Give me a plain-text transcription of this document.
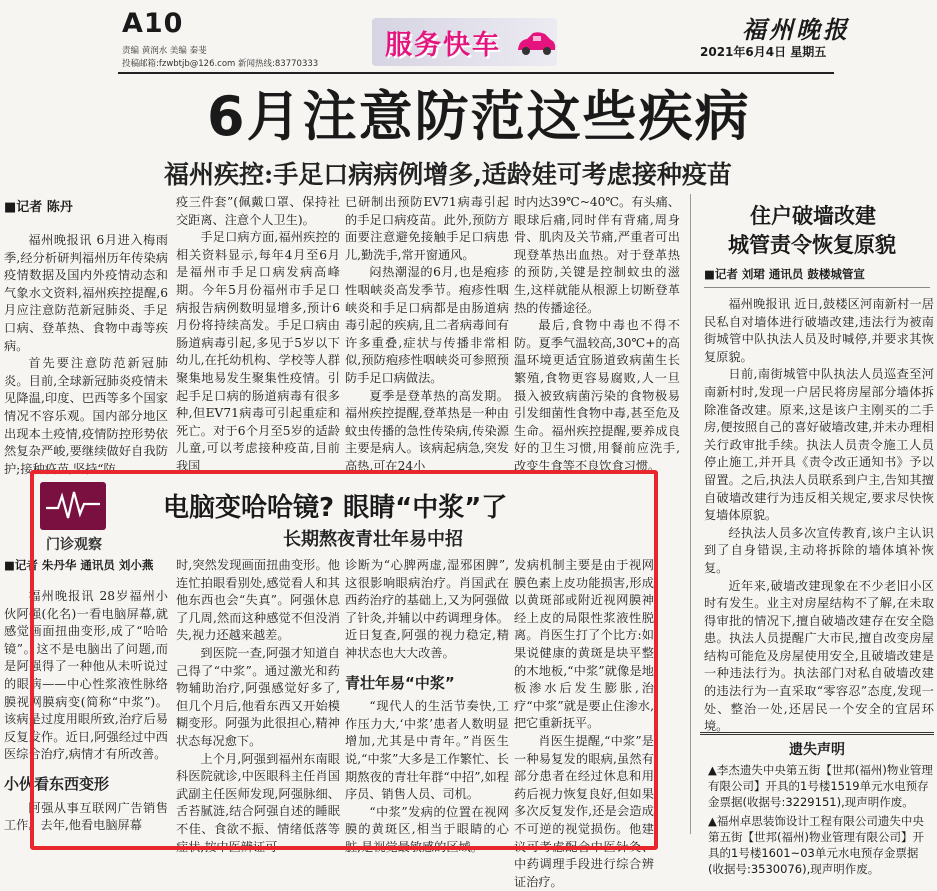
A10
责编 黄润水 美编 秦斐
投稿邮箱:fzwbtjb@126.com 新闻热线:83770333
服务快车
福州晚报
2021年6月4日 星期五
6月注意防范这些疾病
福州疾控:手足口病病例增多,适龄娃可考虑接种疫苗
■记者 陈丹

福州晚报讯 6月进入梅雨季,经分析研判福州历年传染病疫情数据及国内外疫情动态和气象水文资料,福州疾控提醒,6月应注意防范新冠肺炎、手足口病、登革热、食物中毒等疾病。

首先要注意防范新冠肺炎。目前,全球新冠肺炎疫情未见降温,印度、巴西等多个国家情况不容乐观。国内部分地区出现本土疫情,疫情防控形势依然复杂严峻,要继续做好自我防护;接种疫苗,坚持“防

疫三件套”(佩戴口罩、保持社交距离、注意个人卫生)。

手足口病方面,福州疾控的相关资料显示,每年4月至6月是福州市手足口病发病高峰期。今年5月份福州市手足口病报告病例数明显增多,预计6月份将持续高发。手足口病由肠道病毒引起,多见于5岁以下幼儿,在托幼机构、学校等人群聚集地易发生聚集性疫情。引起手足口病的肠道病毒有很多种,但EV71病毒可引起重症和死亡。对于6个月至5岁的适龄儿童,可以考虑接种疫苗,目前我国

已研制出预防EV71病毒引起的手足口病疫苗。此外,预防方面要注意避免接触手足口病患儿,勤洗手,常开窗通风。

闷热潮湿的6月,也是疱疹性咽峡炎高发季节。疱疹性咽峡炎和手足口病都是由肠道病毒引起的疾病,且二者病毒间有许多重叠,症状与传播非常相似,预防疱疹性咽峡炎可参照预防手足口病做法。

夏季是登革热的高发期。福州疾控提醒,登革热是一种由蚊虫传播的急性传染病,传染源主要是病人。该病起病急,突发高热,可在24小

时内达39℃~40℃。有头痛、眼球后痛,同时伴有背痛,周身骨、肌肉及关节痛,严重者可出现登革热出血热。对于登革热的预防,关键是控制蚊虫的滋生,这样就能从根源上切断登革热的传播途径。

最后,食物中毒也不得不防。夏季气温较高,30℃+的高温环境更适宜肠道致病菌生长繁殖,食物更容易腐败,人一旦摄入被致病菌污染的食物极易引发细菌性食物中毒,甚至危及生命。福州疾控提醒,要养成良好的卫生习惯,用餐前应洗手,改变生食等不良饮食习惯。

住户破墙改建
城管责令恢复原貌
■记者 刘珺 通讯员 鼓楼城管宣

福州晚报讯 近日,鼓楼区河南新村一居民私自对墙体进行破墙改建,违法行为被南街城管中队执法人员及时喊停,并要求其恢复原貌。

日前,南街城管中队执法人员巡查至河南新村时,发现一户居民将房屋部分墙体拆除准备改建。原来,这是该户主刚买的二手房,便按照自己的喜好破墙改建,并未办理相关行政审批手续。执法人员责令施工人员停止施工,并开具《责令改正通知书》予以留置。之后,执法人员联系到户主,告知其擅自破墙改建行为违反相关规定,要求尽快恢复墙体原貌。

经执法人员多次宣传教育,该户主认识到了自身错误,主动将拆除的墙体填补恢复。

近年来,破墙改建现象在不少老旧小区时有发生。业主对房屋结构不了解,在未取得审批的情况下,擅自破墙改建存在安全隐患。执法人员提醒广大市民,擅自改变房屋结构可能危及房屋使用安全,且破墙改建是一种违法行为。执法部门对私自破墙改建的违法行为一直采取“零容忍”态度,发现一处、整治一处,还居民一个安全的宜居环境。

遗失声明
▲李杰遗失中央第五街【世邦(福州)物业管理有限公司】开具的1号楼1519单元水电预存金票据(收据号:3229151),现声明作废。
▲福州卓思装饰设计工程有限公司遗失中央第五街【世邦(福州)物业管理有限公司】开具的1号楼1601~03单元水电预存金票据(收据号:3530076),现声明作废。
门诊观察
电脑变哈哈镜? 眼睛“中浆”了
长期熬夜青壮年易中招
■记者 朱丹华 通讯员 刘小燕

福州晚报讯 28岁福州小伙阿强(化名)一看电脑屏幕,就感觉画面扭曲变形,成了“哈哈镜”。这不是电脑出了问题,而是阿强得了一种他从未听说过的眼病——中心性浆液性脉络膜视网膜病变(简称“中浆”)。该病是过度用眼所致,治疗后易反复发作。近日,阿强经过中西医综合治疗,病情才有所改善。

小伙看东西变形

阿强从事互联网广告销售工作。去年,他看电脑屏幕

时,突然发现画面扭曲变形。他连忙拍眼看别处,感觉看人和其他东西也会“失真”。阿强休息了几周,然而这种感觉不但没消失,视力还越来越差。

到医院一查,阿强才知道自己得了“中浆”。通过激光和药物辅助治疗,阿强感觉好多了,但几个月后,他看东西又开始模糊变形。阿强为此很担心,精神状态每况愈下。

上个月,阿强到福州东南眼科医院就诊,中医眼科主任肖国武副主任医师发现,阿强脉细、舌苔腻涟,结合阿强自述的睡眠不佳、食欲不振、情绪低落等症状,按中医辨证可

诊断为“心脾两虚,湿邪困脾”,这很影响眼病治疗。肖国武在西药治疗的基础上,又为阿强做了针灸,并辅以中药调理身体。近日复查,阿强的视力稳定,精神状态也大大改善。

青壮年易“中浆”

“现代人的生活节奏快,工作压力大,‘中浆’患者人数明显增加,尤其是中青年。”肖医生说,“中浆”大多是工作繁忙、长期熬夜的青壮年群“中招”,如程序员、销售人员、司机。

“中浆”发病的位置在视网膜的黄斑区,相当于眼睛的心脏,是视觉最敏感的区域。

发病机制主要是由于视网膜色素上皮功能损害,形成以黄斑部或附近视网膜神经上皮的局限性浆液性脱离。肖医生打了个比方:如果说健康的黄斑是块平整的木地板,“中浆”就像是地板渗水后发生膨胀,治疗“中浆”就是要止住渗水,把它重新抚平。

肖医生提醒,“中浆”是一种易复发的眼病,虽然有部分患者在经过休息和用药后视力恢复良好,但如果多次反复发作,还是会造成不可逆的视觉损伤。他建议可考虑配合中医针灸、中药调理手段进行综合辨证治疗。
